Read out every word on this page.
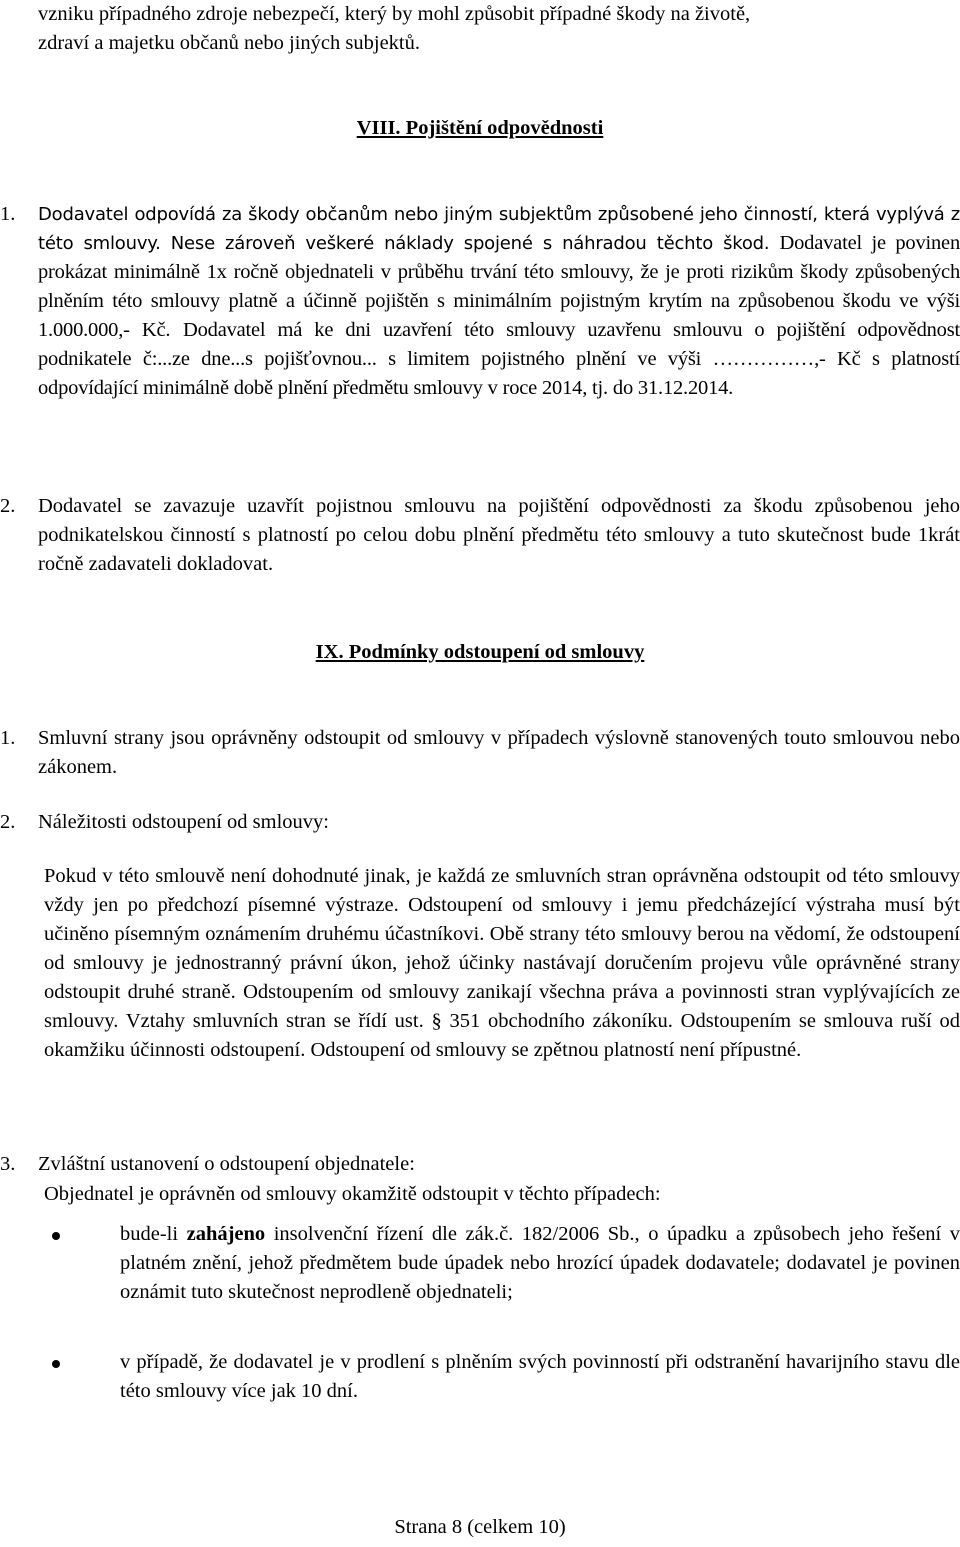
vzniku případného zdroje nebezpečí, který by mohl způsobit případné škody na životě,
zdraví a majetku občanů nebo jiných subjektů.
VIII. Pojištění odpovědnosti
1. Dodavatel odpovídá za škody občanům nebo jiným subjektům způsobené jeho činností, která vyplývá z této smlouvy. Nese zároveň veškeré náklady spojené s náhradou těchto škod. Dodavatel je povinen prokázat minimálně 1x ročně objednateli v průběhu trvání této smlouvy, že je proti rizikům škody způsobených plněním této smlouvy platně a účinně pojištěn s minimálním pojistným krytím na způsobenou škodu ve výši 1.000.000,- Kč. Dodavatel má ke dni uzavření této smlouvy uzavřenu smlouvu o pojištění odpovědnost podnikatele č:...ze dne...s pojišťovnou... s limitem pojistného plnění ve výši ……………,- Kč s platností odpovídající minimálně době plnění předmětu smlouvy v roce 2014, tj. do 31.12.2014.
2. Dodavatel se zavazuje uzavřít pojistnou smlouvu na pojištění odpovědnosti za škodu způsobenou jeho podnikatelskou činností s platností po celou dobu plnění předmětu této smlouvy a tuto skutečnost bude 1krát ročně zadavateli dokladovat.
IX. Podmínky odstoupení od smlouvy
1. Smluvní strany jsou oprávněny odstoupit od smlouvy v případech výslovně stanovených touto smlouvou nebo zákonem.
2. Náležitosti odstoupení od smlouvy:
Pokud v této smlouvě není dohodnuté jinak, je každá ze smluvních stran oprávněna odstoupit od této smlouvy vždy jen po předchozí písemné výstraze. Odstoupení od smlouvy i jemu předcházející výstraha musí být učiněno písemným oznámením druhému účastníkovi. Obě strany této smlouvy berou na vědomí, že odstoupení od smlouvy je jednostranný právní úkon, jehož účinky nastávají doručením projevu vůle oprávněné strany odstoupit druhé straně. Odstoupením od smlouvy zanikají všechna práva a povinnosti stran vyplývajících ze smlouvy. Vztahy smluvních stran se řídí ust. § 351 obchodního zákoníku. Odstoupením se smlouva ruší od okamžiku účinnosti odstoupení. Odstoupení od smlouvy se zpětnou platností není přípustné.
3. Zvláštní ustanovení o odstoupení objednatele:
Objednatel je oprávněn od smlouvy okamžitě odstoupit v těchto případech:
bude-li zahájeno insolvenční řízení dle zák.č. 182/2006 Sb., o úpadku a způsobech jeho řešení v platném znění, jehož předmětem bude úpadek nebo hrozící úpadek dodavatele; dodavatel je povinen oznámit tuto skutečnost neprodleně objednateli;
v případě, že dodavatel je v prodlení s plněním svých povinností při odstranění havarijního stavu dle této smlouvy více jak 10 dní.
Strana 8 (celkem 10)
